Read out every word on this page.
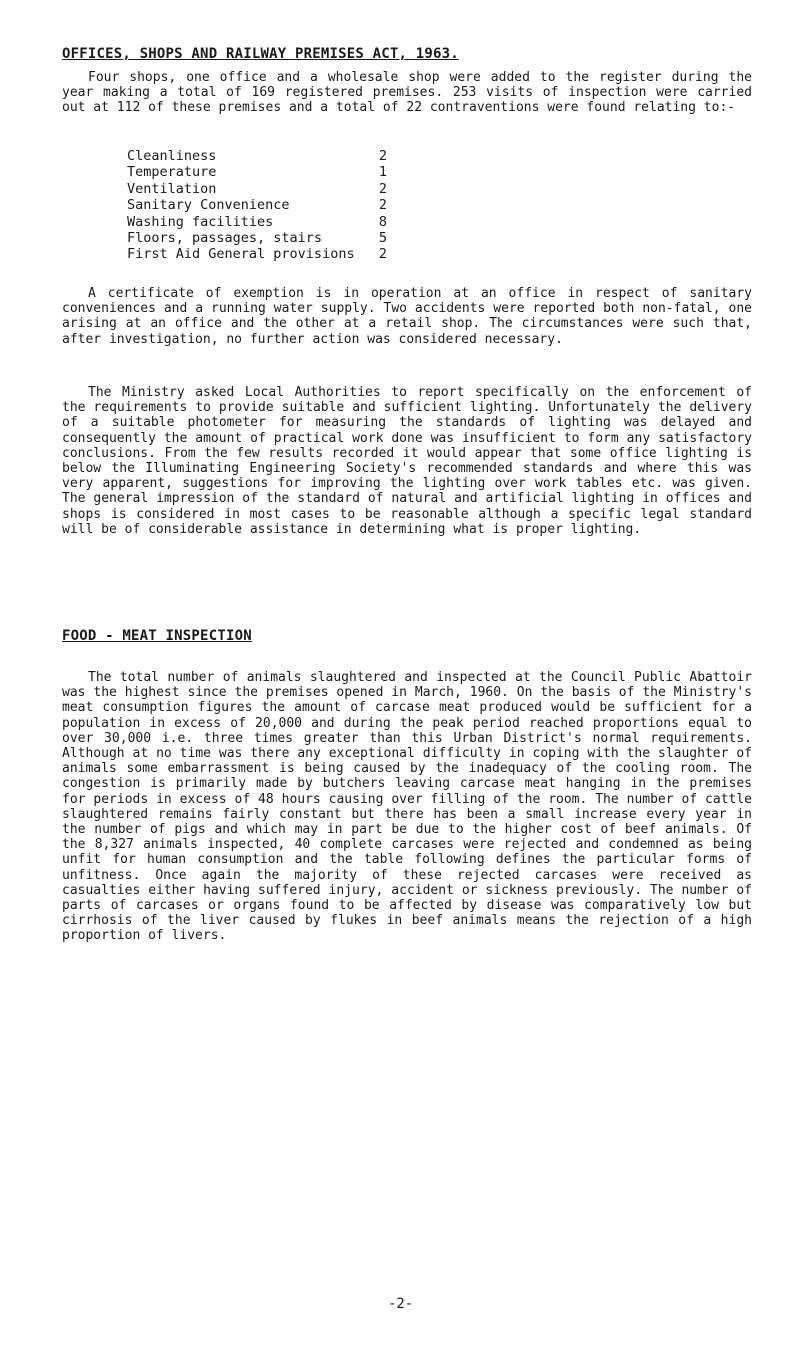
OFFICES, SHOPS AND RAILWAY PREMISES ACT, 1963.

Four shops, one office and a wholesale shop were added to the register during the year making a total of 169 registered premises. 253 visits of inspection were carried out at 112 of these premises and a total of 22 contraventions were found relating to:-

Cleanliness	2
Temperature	1
Ventilation	2
Sanitary Convenience	2
Washing facilities	8
Floors, passages, stairs	5
First Aid General provisions	2

A certificate of exemption is in operation at an office in respect of sanitary conveniences and a running water supply. Two accidents were reported both non-fatal, one arising at an office and the other at a retail shop. The circumstances were such that, after investigation, no further action was considered necessary.

The Ministry asked Local Authorities to report specifically on the enforcement of the requirements to provide suitable and sufficient lighting. Unfortunately the delivery of a suitable photometer for measuring the standards of lighting was delayed and consequently the amount of practical work done was insufficient to form any satisfactory conclusions. From the few results recorded it would appear that some office lighting is below the Illuminating Engineering Society's recommended standards and where this was very apparent, suggestions for improving the lighting over work tables etc. was given. The general impression of the standard of natural and artificial lighting in offices and shops is considered in most cases to be reasonable although a specific legal standard will be of considerable assistance in determining what is proper lighting.

FOOD - MEAT INSPECTION

The total number of animals slaughtered and inspected at the Council Public Abattoir was the highest since the premises opened in March, 1960. On the basis of the Ministry's meat consumption figures the amount of carcase meat produced would be sufficient for a population in excess of 20,000 and during the peak period reached proportions equal to over 30,000 i.e. three times greater than this Urban District's normal requirements. Although at no time was there any exceptional difficulty in coping with the slaughter of animals some embarrassment is being caused by the inadequacy of the cooling room. The congestion is primarily made by butchers leaving carcase meat hanging in the premises for periods in excess of 48 hours causing over filling of the room. The number of cattle slaughtered remains fairly constant but there has been a small increase every year in the number of pigs and which may in part be due to the higher cost of beef animals. Of the 8,327 animals inspected, 40 complete carcases were rejected and condemned as being unfit for human consumption and the table following defines the particular forms of unfitness. Once again the majority of these rejected carcases were received as casualties either having suffered injury, accident or sickness previously. The number of parts of carcases or organs found to be affected by disease was comparatively low but cirrhosis of the liver caused by flukes in beef animals means the rejection of a high proportion of livers.

-2-
